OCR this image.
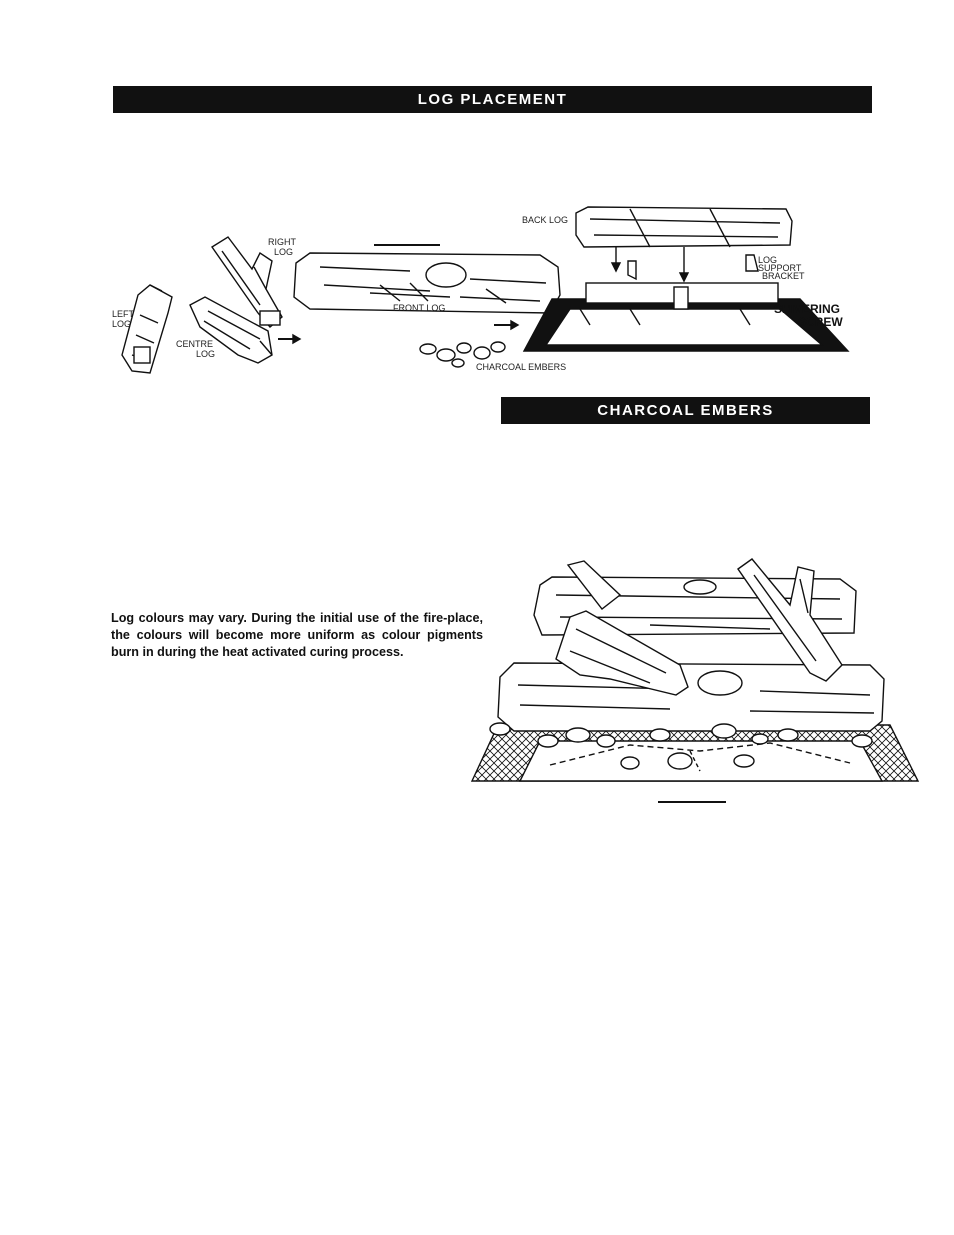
LOG PLACEMENT
RIGHT LOG
LEFT LOG
CENTRE LOG
FRONT LOG
CHARCOAL EMBERS
BACK LOG
LOG SUPPORT BRACKET
SHIVERING SCREW
CHARCOAL EMBERS

Log colours may vary. During the initial use of the fire-place, the colours will become more uniform as colour pigments burn in during the heat activated curing process.
